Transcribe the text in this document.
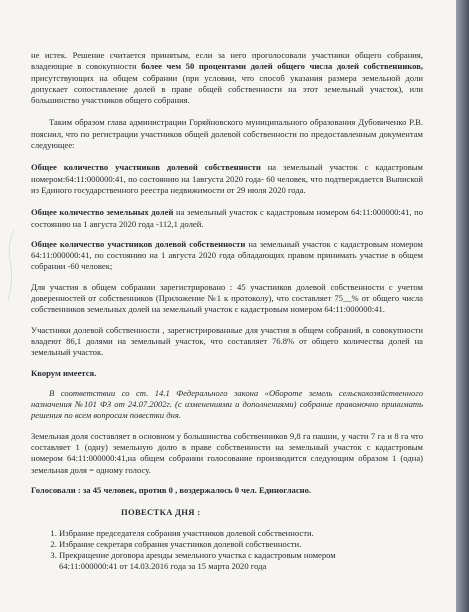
не истек. Решение считается принятым, если за него проголосовали участники общего собрания, владеющие в совокупности более чем 50 процентами долей общего числа долей собственников, присутствующих на общем собрании (при условии, что способ указания размера земельной доли допускает сопоставление долей в праве общей собственности на этот земельный участок), или большинство участников общего собрания.

Таким образом глава администрации Горяйновского муниципального образования Дубовиченко Р.В. пояснил, что по регистрации участников общей долевой собственности по предоставленным документам следующее:

Общее количество участников долевой собственности на земельный участок с кадастровым номером:64:11:000000:41, по состоянию на 1августа 2020 года- 60 человек, что подтверждается Выпиской из Единого государственного реестра недвижимости от 29 июля 2020 года.

Общее количество земельных долей на земельный участок с кадастровым номером 64:11:000000:41, по состоянию на 1 августа 2020 года -112,1 долей.

Общее количество участников долевой собственности на земельный участок с кадастровым номером 64:11:000000:41, по состоянию на 1 августа 2020 года обладающих правом принимать участие в общем собрании -60 человек;

Для участия в общем собрании зарегистрировано : 45 участников долевой собственности с учетом доверенностей от собственников (Приложение №1 к протоколу), что составляет 75__% от общего числа собственников земельных долей на земельный участок с кадастровым номером 64:11:000000:41.

Участники долевой собственности , зарегистрированные для участия в общем собраний, в совокупности владеют 86,1 долями на земельный участок, что составляет 76.8% от общего количества долей на земельный участок.

Кворум имеется.

В соответствии со ст. 14.1 Федерального закона «Обороте земель сельскохозяйственного назначения №101 ФЗ от 24.07.2002г. (с изменениями и дополнениями) собрание правомочно принимать решения по всем вопросам повестки дня.

Земельная доля составляет в основном у большинства собственников 9,8 га пашни, у части 7 га и 8 га что составляет 1 (одну) земельную долю в праве собственности на земельный участок с кадастровым номером 64:11:000000:41,на общем собрании голосование производится следующим образом 1 (одна) земельная доля = одному голосу.

Голосовали : за 45 человек, против 0 , воздержалось 0 чел. Единогласно.

ПОВЕСТКА ДНЯ :

1. Избрание председателя собрания участников долевой собственности.
2. Избрание секретаря собрания участников долевой собственности.
3. Прекращение договора аренды земельного участка с кадастровым номером

64:11:000000:41 от 14.03.2016 года за 15 марта 2020 года
